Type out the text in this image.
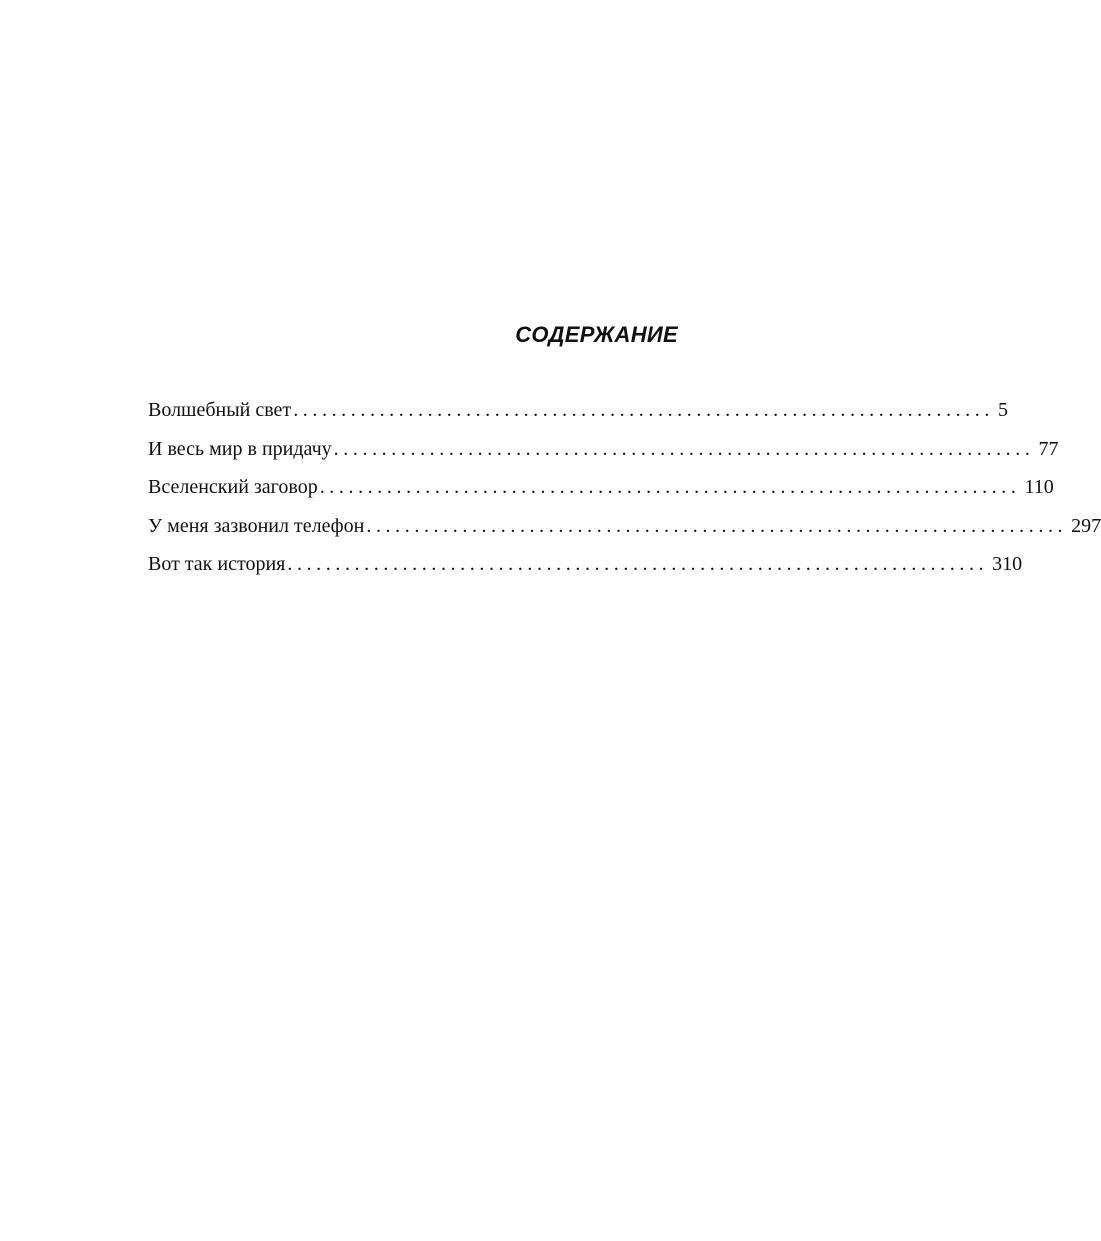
СОДЕРЖАНИЕ
Волшебный свет ......................................................................... 5
И весь мир в придачу ......................................................................... 77
Вселенский заговор ......................................................................... 110
У меня зазвонил телефон ......................................................................... 297
Вот так история ......................................................................... 310
